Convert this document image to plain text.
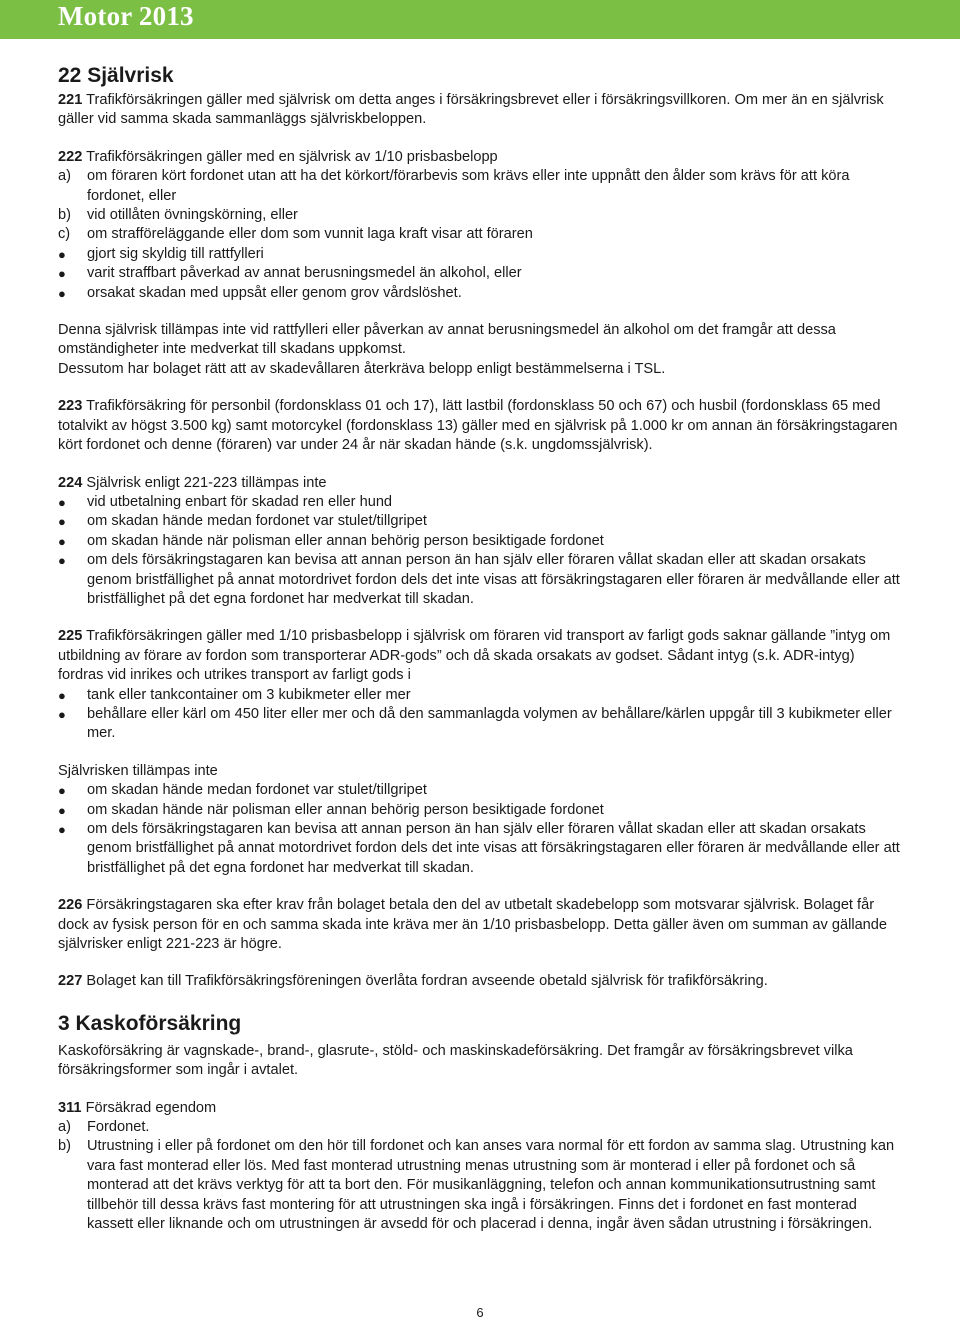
Motor 2013
22 Självrisk

221 Trafikförsäkringen gäller med självrisk om detta anges i försäkringsbrevet eller i försäkringsvillkoren. Om mer än en självrisk gäller vid samma skada sammanläggs självriskbeloppen.

222 Trafikförsäkringen gäller med en självrisk av 1/10 prisbasbelopp

a)	om föraren kört fordonet utan att ha det körkort/förarbevis som krävs eller inte uppnått den ålder som krävs för att köra fordonet, eller
b)	vid otillåten övningskörning, eller
c)	om strafföreläggande eller dom som vunnit laga kraft visar att föraren
●	gjort sig skyldig till rattfylleri
●	varit straffbart påverkad av annat berusningsmedel än alkohol, eller
●	orsakat skadan med uppsåt eller genom grov vårdslöshet.

Denna självrisk tillämpas inte vid rattfylleri eller påverkan av annat berusningsmedel än alkohol om det framgår att dessa omständigheter inte medverkat till skadans uppkomst.

Dessutom har bolaget rätt att av skadevållaren återkräva belopp enligt bestämmelserna i TSL.

223 Trafikförsäkring för personbil (fordonsklass 01 och 17), lätt lastbil (fordonsklass 50 och 67) och husbil (fordonsklass 65 med totalvikt av högst 3.500 kg) samt motorcykel (fordonsklass 13) gäller med en självrisk på 1.000 kr om annan än försäkringstagaren kört fordonet och denne (föraren) var under 24 år när skadan hände (s.k. ungdomssjälvrisk).

224 Självrisk enligt 221-223 tillämpas inte

●	vid utbetalning enbart för skadad ren eller hund
●	om skadan hände medan fordonet var stulet/tillgripet
●	om skadan hände när polisman eller annan behörig person besiktigade fordonet
●	om dels försäkringstagaren kan bevisa att annan person än han själv eller föraren vållat skadan eller att skadan orsakats genom bristfällighet på annat motordrivet fordon dels det inte visas att försäkringstagaren eller föraren är medvållande eller att bristfällighet på det egna fordonet har medverkat till skadan.

225 Trafikförsäkringen gäller med 1/10 prisbasbelopp i självrisk om föraren vid transport av farligt gods saknar gällande ”intyg om utbildning av förare av fordon som transporterar ADR-gods” och då skada orsakats av godset. Sådant intyg (s.k. ADR-intyg) fordras vid inrikes och utrikes transport av farligt gods i

●	tank eller tankcontainer om 3 kubikmeter eller mer
●	behållare eller kärl om 450 liter eller mer och då den sammanlagda volymen av behållare/kärlen uppgår till 3 kubikmeter eller mer.

Självrisken tillämpas inte

●	om skadan hände medan fordonet var stulet/tillgripet
●	om skadan hände när polisman eller annan behörig person besiktigade fordonet
●	om dels försäkringstagaren kan bevisa att annan person än han själv eller föraren vållat skadan eller att skadan orsakats genom bristfällighet på annat motordrivet fordon dels det inte visas att försäkringstagaren eller föraren är medvållande eller att bristfällighet på det egna fordonet har medverkat till skadan.

226 Försäkringstagaren ska efter krav från bolaget betala den del av utbetalt skadebelopp som motsvarar självrisk. Bolaget får dock av fysisk person för en och samma skada inte kräva mer än 1/10 prisbasbelopp. Detta gäller även om summan av gällande självrisker enligt 221-223 är högre.

227 Bolaget kan till Trafikförsäkringsföreningen överlåta fordran avseende obetald självrisk för trafikförsäkring.

3 Kaskoförsäkring

Kaskoförsäkring är vagnskade-, brand-, glasrute-, stöld- och maskinskadeförsäkring. Det framgår av försäkringsbrevet vilka försäkringsformer som ingår i avtalet.

311 Försäkrad egendom

a)	Fordonet.
b)	Utrustning i eller på fordonet om den hör till fordonet och kan anses vara normal för ett fordon av samma slag. Utrustning kan vara fast monterad eller lös. Med fast monterad utrustning menas utrustning som är monterad i eller på fordonet och så monterad att det krävs verktyg för att ta bort den. För musikanläggning, telefon och annan kommunikationsutrustning samt tillbehör till dessa krävs fast montering för att utrustningen ska ingå i försäkringen. Finns det i fordonet en fast monterad kassett eller liknande och om utrustningen är avsedd för och placerad i denna, ingår även sådan utrustning i försäkringen.
6
